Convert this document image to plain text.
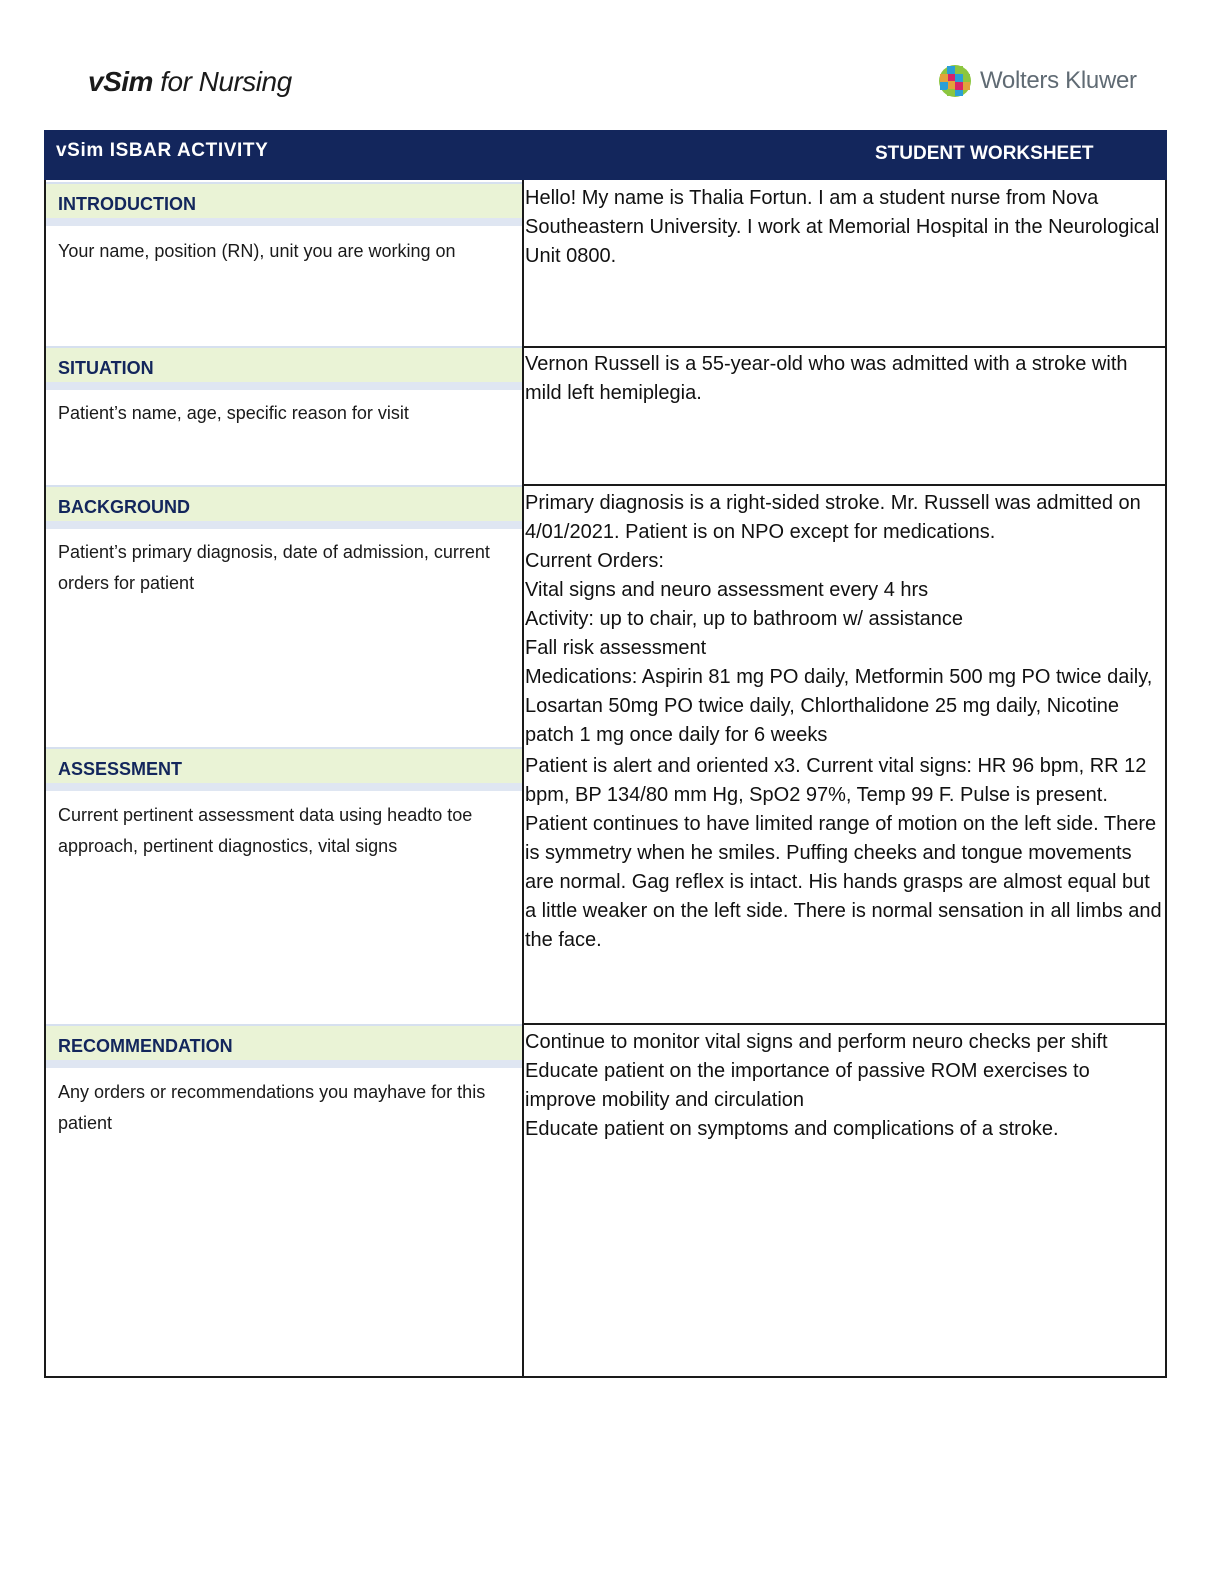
vSim for Nursing	Wolters Kluwer
vSim ISBAR ACTIVITY	STUDENT WORKSHEET
INTRODUCTION
Your name, position (RN), unit you are working on
Hello! My name is Thalia Fortun. I am a student nurse from Nova Southeastern University. I work at Memorial Hospital in the Neurological Unit 0800.
SITUATION
Patient’s name, age, specific reason for visit
Vernon Russell is a 55-year-old who was admitted with a stroke with mild left hemiplegia.
BACKGROUND
Patient’s primary diagnosis, date of admission, current orders for patient
Primary diagnosis is a right-sided stroke. Mr. Russell was admitted on 4/01/2021. Patient is on NPO except for medications.
Current Orders:
Vital signs and neuro assessment every 4 hrs
Activity: up to chair, up to bathroom w/ assistance
Fall risk assessment
Medications: Aspirin 81 mg PO daily, Metformin 500 mg PO twice daily, Losartan 50mg PO twice daily, Chlorthalidone 25 mg daily, Nicotine patch 1 mg once daily for 6 weeks
ASSESSMENT
Current pertinent assessment data using headto toe approach, pertinent diagnostics, vital signs
Patient is alert and oriented x3. Current vital signs: HR 96 bpm, RR 12 bpm, BP 134/80 mm Hg, SpO2 97%, Temp 99 F. Pulse is present.
Patient continues to have limited range of motion on the left side. There is symmetry when he smiles. Puffing cheeks and tongue movements are normal. Gag reflex is intact. His hands grasps are almost equal but a little weaker on the left side. There is normal sensation in all limbs and the face.
RECOMMENDATION
Any orders or recommendations you mayhave for this patient
Continue to monitor vital signs and perform neuro checks per shift
Educate patient on the importance of passive ROM exercises to improve mobility and circulation
Educate patient on symptoms and complications of a stroke.
